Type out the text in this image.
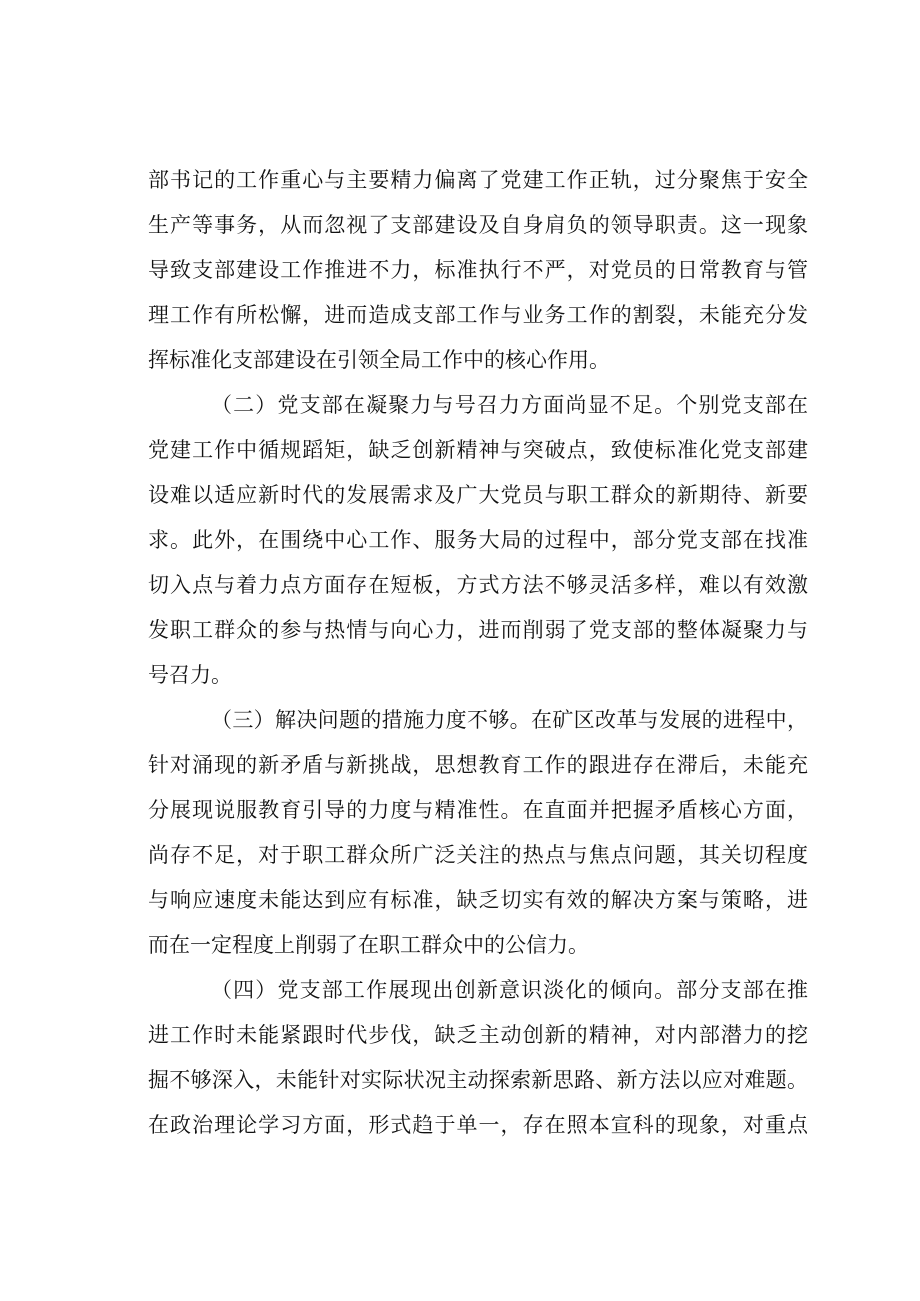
部书记的工作重心与主要精力偏离了党建工作正轨，过分聚焦于安全
生产等事务，从而忽视了支部建设及自身肩负的领导职责。这一现象
导致支部建设工作推进不力，标准执行不严，对党员的日常教育与管
理工作有所松懈，进而造成支部工作与业务工作的割裂，未能充分发
挥标准化支部建设在引领全局工作中的核心作用。
（二）党支部在凝聚力与号召力方面尚显不足。个别党支部在
党建工作中循规蹈矩，缺乏创新精神与突破点，致使标准化党支部建
设难以适应新时代的发展需求及广大党员与职工群众的新期待、新要
求。此外，在围绕中心工作、服务大局的过程中，部分党支部在找准
切入点与着力点方面存在短板，方式方法不够灵活多样，难以有效激
发职工群众的参与热情与向心力，进而削弱了党支部的整体凝聚力与
号召力。
（三）解决问题的措施力度不够。在矿区改革与发展的进程中，
针对涌现的新矛盾与新挑战，思想教育工作的跟进存在滞后，未能充
分展现说服教育引导的力度与精准性。在直面并把握矛盾核心方面，
尚存不足，对于职工群众所广泛关注的热点与焦点问题，其关切程度
与响应速度未能达到应有标准，缺乏切实有效的解决方案与策略，进
而在一定程度上削弱了在职工群众中的公信力。
（四）党支部工作展现出创新意识淡化的倾向。部分支部在推
进工作时未能紧跟时代步伐，缺乏主动创新的精神，对内部潜力的挖
掘不够深入，未能针对实际状况主动探索新思路、新方法以应对难题。
在政治理论学习方面，形式趋于单一，存在照本宣科的现象，对重点
